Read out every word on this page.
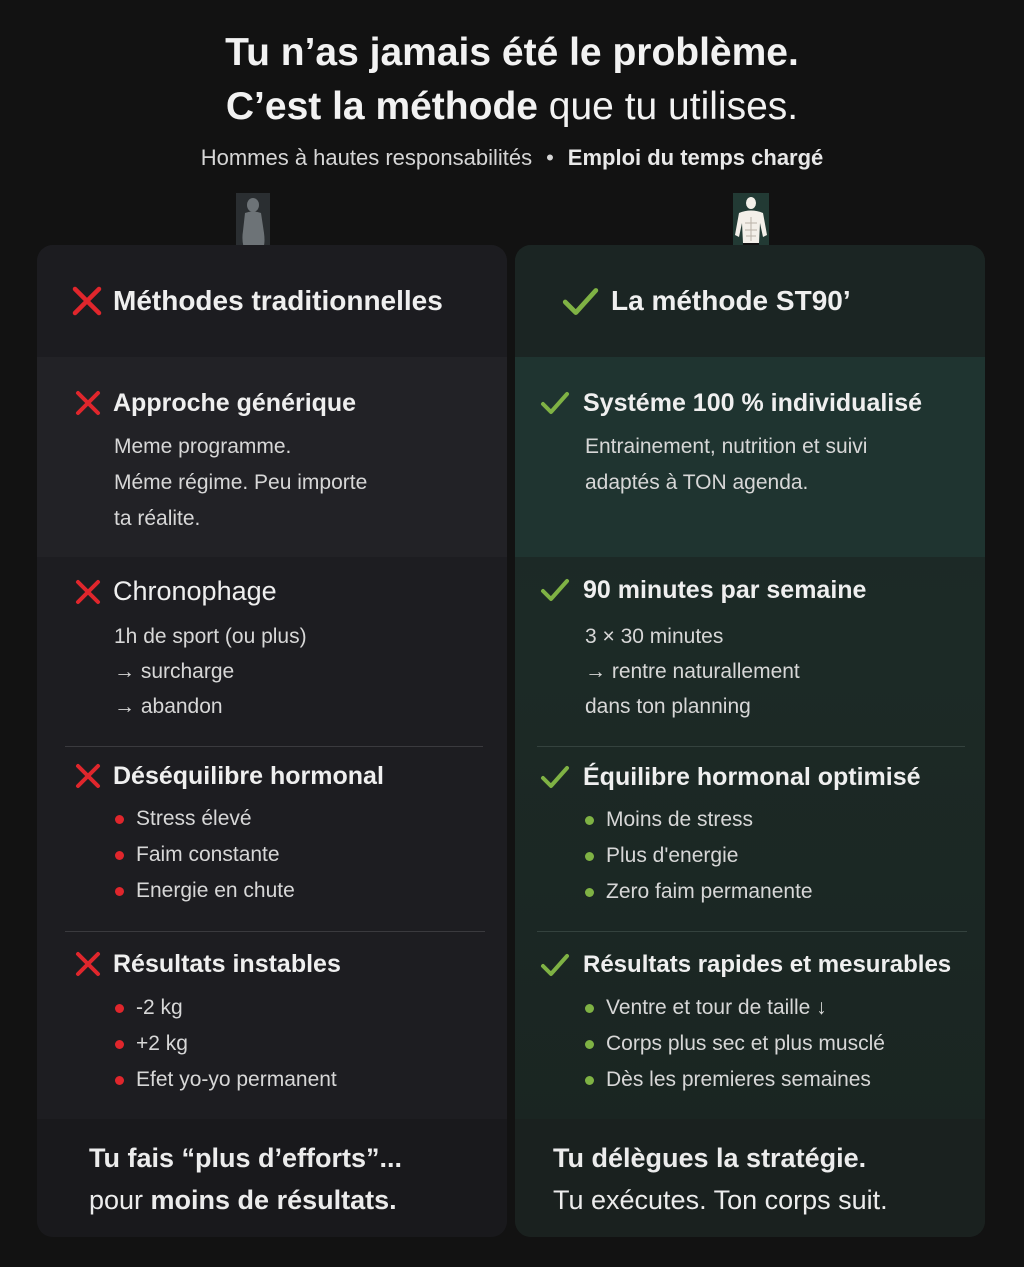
Tu n’as jamais été le problème.
C’est la méthode que tu utilises.
Hommes à hautes responsabilités • Emploi du temps chargé
Méthodes traditionnelles
Approche générique
Meme programme.
Méme régime. Peu importe
ta réalite.
Chronophage
1h de sport (ou plus)
→ surcharge
→ abandon
Déséquilibre hormonal
Stress élevé
Faim constante
Energie en chute
Résultats instables
-2 kg
+2 kg
Efet yo-yo permanent
Tu fais “plus d’efforts”...
pour moins de résultats.
La méthode ST90’
Systéme 100 % individualisé
Entrainement, nutrition et suivi
adaptés à TON agenda.
90 minutes par semaine
3 × 30 minutes
→ rentre naturallement
dans ton planning
Équilibre hormonal optimisé
Moins de stress
Plus d'energie
Zero faim permanente
Résultats rapides et mesurables
Ventre et tour de taille ↓
Corps plus sec et plus musclé
Dès les premieres semaines
Tu délègues la stratégie.
Tu exécutes. Ton corps suit.
